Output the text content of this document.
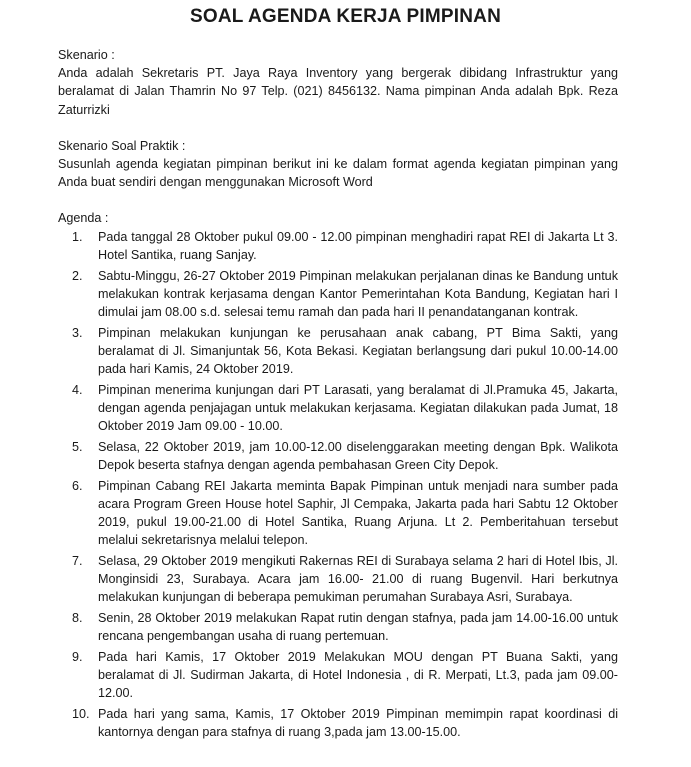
SOAL AGENDA KERJA PIMPINAN

Skenario :

Anda adalah Sekretaris PT. Jaya Raya Inventory yang bergerak dibidang Infrastruktur yang beralamat di Jalan Thamrin No 97 Telp. (021) 8456132. Nama pimpinan Anda adalah Bpk. Reza Zaturrizki

Skenario Soal Praktik :

Susunlah agenda kegiatan pimpinan berikut ini ke dalam format agenda kegiatan pimpinan yang Anda buat sendiri dengan menggunakan Microsoft Word

Agenda :

1.	Pada tanggal 28 Oktober pukul 09.00 - 12.00 pimpinan menghadiri rapat REI di Jakarta Lt 3. Hotel Santika, ruang Sanjay.
2.	Sabtu-Minggu, 26-27 Oktober 2019 Pimpinan melakukan perjalanan dinas ke Bandung untuk melakukan kontrak kerjasama dengan Kantor Pemerintahan Kota Bandung, Kegiatan hari I dimulai jam 08.00 s.d. selesai temu ramah dan pada hari II penandatanganan kontrak.
3.	Pimpinan melakukan kunjungan ke perusahaan anak cabang, PT Bima Sakti, yang beralamat di Jl. Simanjuntak 56, Kota Bekasi. Kegiatan berlangsung dari pukul 10.00-14.00 pada hari Kamis, 24 Oktober 2019.
4.	Pimpinan menerima kunjungan dari PT Larasati, yang beralamat di Jl.Pramuka 45, Jakarta, dengan agenda penjajagan untuk melakukan kerjasama. Kegiatan dilakukan pada Jumat, 18 Oktober 2019 Jam 09.00 - 10.00.
5.	Selasa, 22 Oktober 2019, jam 10.00-12.00 diselenggarakan meeting dengan Bpk. Walikota Depok beserta stafnya dengan agenda pembahasan Green City Depok.
6.	Pimpinan Cabang REI Jakarta meminta Bapak Pimpinan untuk menjadi nara sumber pada acara Program Green House hotel Saphir, Jl Cempaka, Jakarta pada hari Sabtu 12 Oktober 2019, pukul 19.00-21.00 di Hotel Santika, Ruang Arjuna. Lt 2. Pemberitahuan tersebut melalui sekretarisnya melalui telepon.
7.	Selasa, 29 Oktober 2019 mengikuti Rakernas REI di Surabaya selama 2 hari di Hotel Ibis, Jl. Monginsidi 23, Surabaya. Acara jam 16.00- 21.00 di ruang Bugenvil. Hari berkutnya melakukan kunjungan di beberapa pemukiman perumahan Surabaya Asri, Surabaya.
8.	Senin, 28 Oktober 2019 melakukan Rapat rutin dengan stafnya, pada jam 14.00-16.00 untuk rencana pengembangan usaha di ruang pertemuan.
9.	Pada hari Kamis, 17 Oktober 2019 Melakukan MOU dengan PT Buana Sakti, yang beralamat di Jl. Sudirman Jakarta, di Hotel Indonesia , di R. Merpati, Lt.3, pada jam 09.00-12.00.
10. Pada hari yang sama, Kamis, 17 Oktober 2019 Pimpinan memimpin rapat koordinasi di kantornya dengan para stafnya di ruang 3,pada jam 13.00-15.00.
